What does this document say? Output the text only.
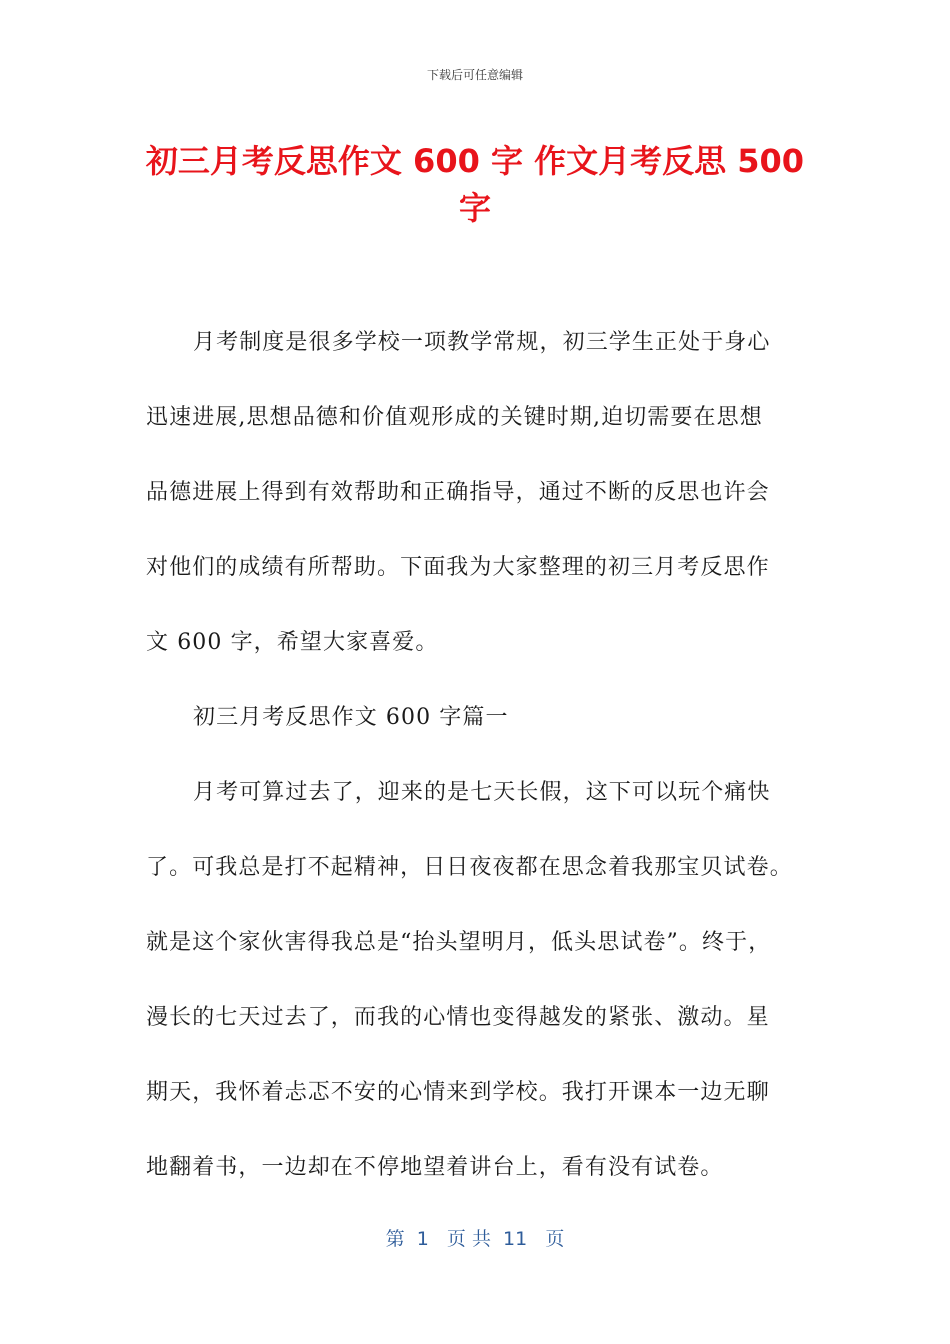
下载后可任意编辑
初三月考反思作文 600 字 作文月考反思 500 字
月考制度是很多学校一项教学常规，初三学生正处于身心
迅速进展,思想品德和价值观形成的关键时期,迫切需要在思想
品德进展上得到有效帮助和正确指导，通过不断的反思也许会
对他们的成绩有所帮助。下面我为大家整理的初三月考反思作
文 600 字，希望大家喜爱。
初三月考反思作文 600 字篇一
月考可算过去了，迎来的是七天长假，这下可以玩个痛快
了。可我总是打不起精神，日日夜夜都在思念着我那宝贝试卷。
就是这个家伙害得我总是“抬头望明月，低头思试卷”。终于，
漫长的七天过去了，而我的心情也变得越发的紧张、激动。星
期天，我怀着忐忑不安的心情来到学校。我打开课本一边无聊
地翻着书，一边却在不停地望着讲台上，看有没有试卷。
第  1   页 共  11   页
